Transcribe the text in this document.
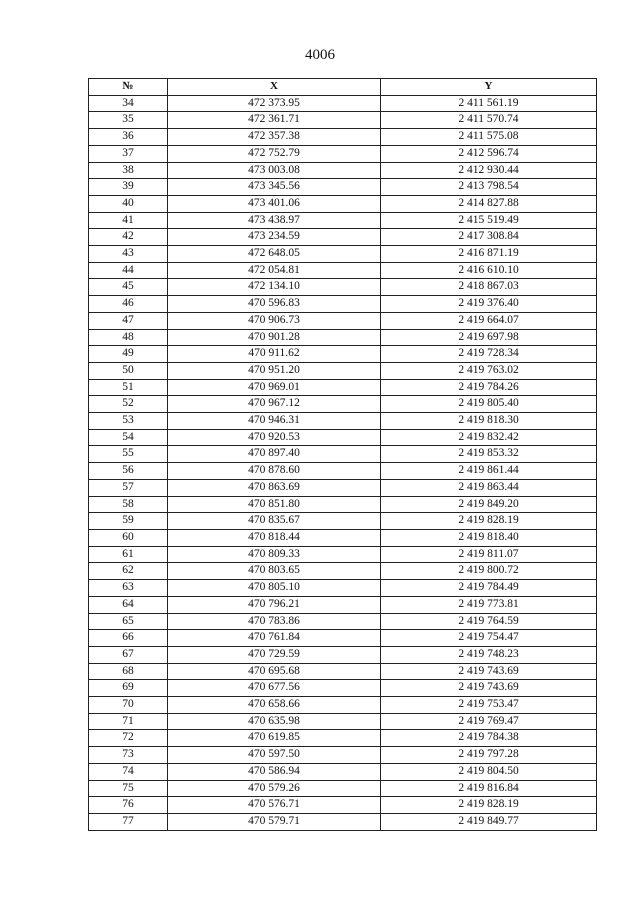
4006
№	X	Y
34	472 373.95	2 411 561.19
35	472 361.71	2 411 570.74
36	472 357.38	2 411 575.08
37	472 752.79	2 412 596.74
38	473 003.08	2 412 930.44
39	473 345.56	2 413 798.54
40	473 401.06	2 414 827.88
41	473 438.97	2 415 519.49
42	473 234.59	2 417 308.84
43	472 648.05	2 416 871.19
44	472 054.81	2 416 610.10
45	472 134.10	2 418 867.03
46	470 596.83	2 419 376.40
47	470 906.73	2 419 664.07
48	470 901.28	2 419 697.98
49	470 911.62	2 419 728.34
50	470 951.20	2 419 763.02
51	470 969.01	2 419 784.26
52	470 967.12	2 419 805.40
53	470 946.31	2 419 818.30
54	470 920.53	2 419 832.42
55	470 897.40	2 419 853.32
56	470 878.60	2 419 861.44
57	470 863.69	2 419 863.44
58	470 851.80	2 419 849.20
59	470 835.67	2 419 828.19
60	470 818.44	2 419 818.40
61	470 809.33	2 419 811.07
62	470 803.65	2 419 800.72
63	470 805.10	2 419 784.49
64	470 796.21	2 419 773.81
65	470 783.86	2 419 764.59
66	470 761.84	2 419 754.47
67	470 729.59	2 419 748.23
68	470 695.68	2 419 743.69
69	470 677.56	2 419 743.69
70	470 658.66	2 419 753.47
71	470 635.98	2 419 769.47
72	470 619.85	2 419 784.38
73	470 597.50	2 419 797.28
74	470 586.94	2 419 804.50
75	470 579.26	2 419 816.84
76	470 576.71	2 419 828.19
77	470 579.71	2 419 849.77
